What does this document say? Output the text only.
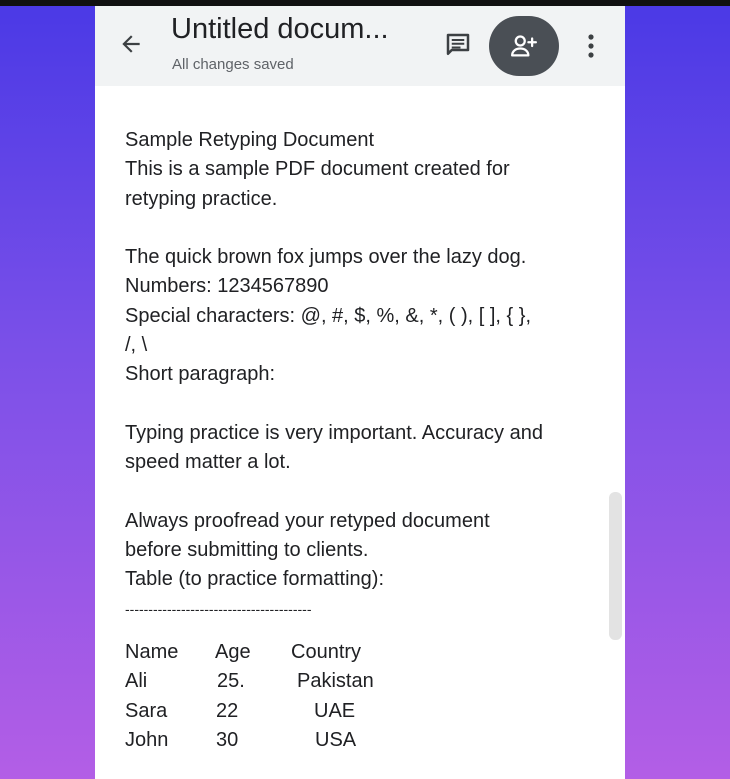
Untitled docum...
All changes saved
Sample Retyping Document
This is a sample PDF document created for
retyping practice.
The quick brown fox jumps over the lazy dog.
Numbers: 1234567890
Special characters: @, #, $, %, &, *, ( ), [ ], { },
/, \
Short paragraph:
Typing practice is very important. Accuracy and
speed matter a lot.
Always proofread your retyped document
before submitting to clients.
Table (to practice formatting):
----------------------------------------
Name Age Country
Ali	25.	Pakistan
Sara 22	UAE
John 30	USA
